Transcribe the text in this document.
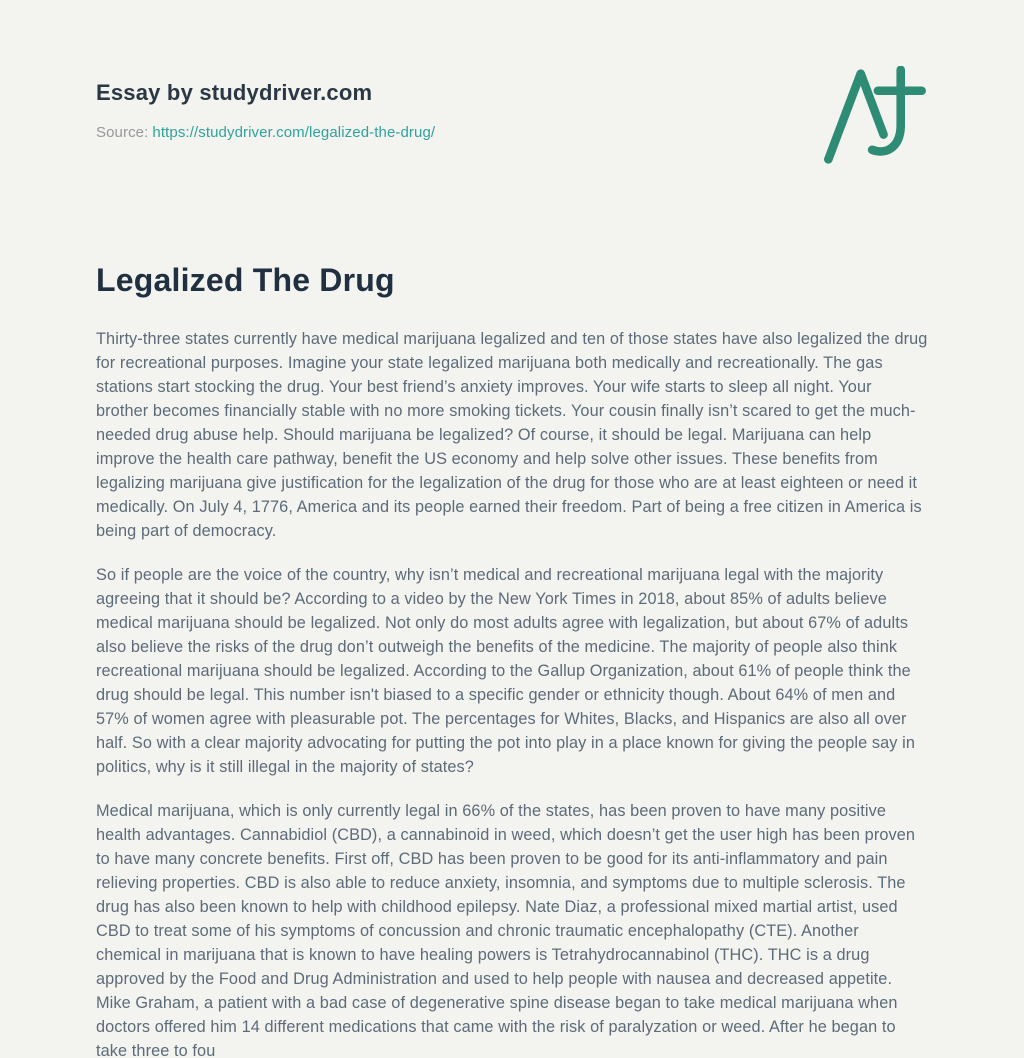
Essay by studydriver.com
Source: https://studydriver.com/legalized-the-drug/
Legalized The Drug

Thirty-three states currently have medical marijuana legalized and ten of those states have also legalized the drug for recreational purposes. Imagine your state legalized marijuana both medically and recreationally. The gas stations start stocking the drug. Your best friend’s anxiety improves. Your wife starts to sleep all night. Your brother becomes financially stable with no more smoking tickets. Your cousin finally isn’t scared to get the much-needed drug abuse help. Should marijuana be legalized? Of course, it should be legal. Marijuana can help improve the health care pathway, benefit the US economy and help solve other issues. These benefits from legalizing marijuana give justification for the legalization of the drug for those who are at least eighteen or need it medically. On July 4, 1776, America and its people earned their freedom. Part of being a free citizen in America is being part of democracy.

So if people are the voice of the country, why isn’t medical and recreational marijuana legal with the majority agreeing that it should be? According to a video by the New York Times in 2018, about 85% of adults believe medical marijuana should be legalized. Not only do most adults agree with legalization, but about 67% of adults also believe the risks of the drug don’t outweigh the benefits of the medicine. The majority of people also think recreational marijuana should be legalized. According to the Gallup Organization, about 61% of people think the drug should be legal. This number isn't biased to a specific gender or ethnicity though. About 64% of men and 57% of women agree with pleasurable pot. The percentages for Whites, Blacks, and Hispanics are also all over half. So with a clear majority advocating for putting the pot into play in a place known for giving the people say in politics, why is it still illegal in the majority of states?

Medical marijuana, which is only currently legal in 66% of the states, has been proven to have many positive health advantages. Cannabidiol (CBD), a cannabinoid in weed, which doesn’t get the user high has been proven to have many concrete benefits. First off, CBD has been proven to be good for its anti-inflammatory and pain relieving properties. CBD is also able to reduce anxiety, insomnia, and symptoms due to multiple sclerosis. The drug has also been known to help with childhood epilepsy. Nate Diaz, a professional mixed martial artist, used CBD to treat some of his symptoms of concussion and chronic traumatic encephalopathy (CTE). Another chemical in marijuana that is known to have healing powers is Tetrahydrocannabinol (THC). THC is a drug approved by the Food and Drug Administration and used to help people with nausea and decreased appetite. Mike Graham, a patient with a bad case of degenerative spine disease began to take medical marijuana when doctors offered him 14 different medications that came with the risk of paralyzation or weed. After he began to take three to fou
